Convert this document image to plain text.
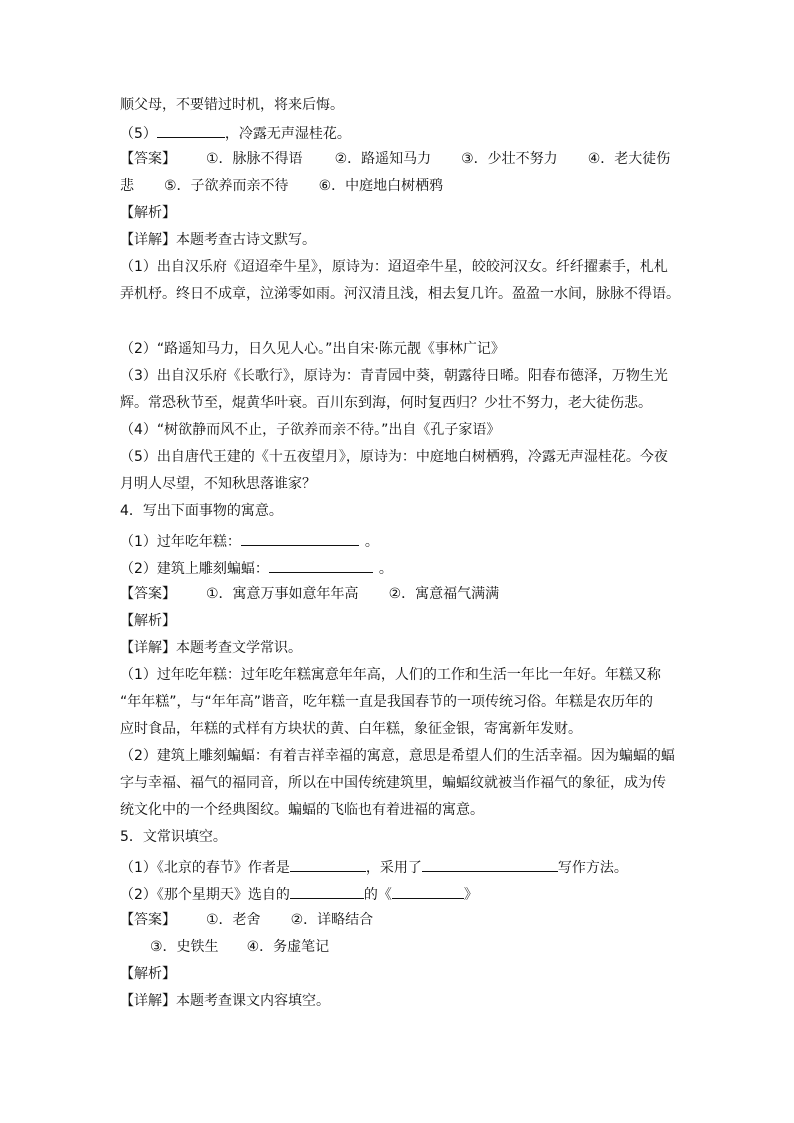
顺父母，不要错过时机，将来后悔。
（5）	，冷露无声湿桂花。
【答案】 ①．脉脉不得语 ②．路遥知马力 ③．少壮不努力 ④．老大徒伤
悲 ⑤．子欲养而亲不待 ⑥．中庭地白树栖鸦
【解析】
【详解】本题考查古诗文默写。
（1）出自汉乐府《迢迢牵牛星》，原诗为：迢迢牵牛星，皎皎河汉女。纤纤擢素手，札札
弄机杼。终日不成章，泣涕零如雨。河汉清且浅，相去复几许。盈盈一水间，脉脉不得语。
（2）“路遥知马力，日久见人心。”出自宋·陈元靓《事林广记》
（3）出自汉乐府《长歌行》，原诗为：青青园中葵，朝露待日晞。阳春布德泽，万物生光
辉。常恐秋节至，焜黄华叶衰。百川东到海，何时复西归？少壮不努力，老大徒伤悲。
（4）“树欲静而风不止，子欲养而亲不待。”出自《孔子家语》
（5）出自唐代王建的《十五夜望月》，原诗为：中庭地白树栖鸦，冷露无声湿桂花。今夜
月明人尽望，不知秋思落谁家？
4．写出下面事物的寓意。
（1）过年吃年糕：	。
（2）建筑上雕刻蝙蝠：	。
【答案】 ①．寓意万事如意年年高 ②．寓意福气满满
【解析】
【详解】本题考查文学常识。
（1）过年吃年糕：过年吃年糕寓意年年高，人们的工作和生活一年比一年好。年糕又称
“年年糕”，与“年年高”谐音，吃年糕一直是我国春节的一项传统习俗。年糕是农历年的
应时食品，年糕的式样有方块状的黄、白年糕，象征金银，寄寓新年发财。
（2）建筑上雕刻蝙蝠：有着吉祥幸福的寓意，意思是希望人们的生活幸福。因为蝙蝠的蝠
字与幸福、福气的福同音，所以在中国传统建筑里，蝙蝠纹就被当作福气的象征，成为传
统文化中的一个经典图纹。蝙蝠的飞临也有着进福的寓意。
5．文常识填空。
（1）《北京的春节》作者是	，采用了	写作方法。
（2）《那个星期天》选自的	的《	》
【答案】 ①．老舍 ②．详略结合
③．史铁生 ④．务虚笔记
【解析】
【详解】本题考查课文内容填空。
